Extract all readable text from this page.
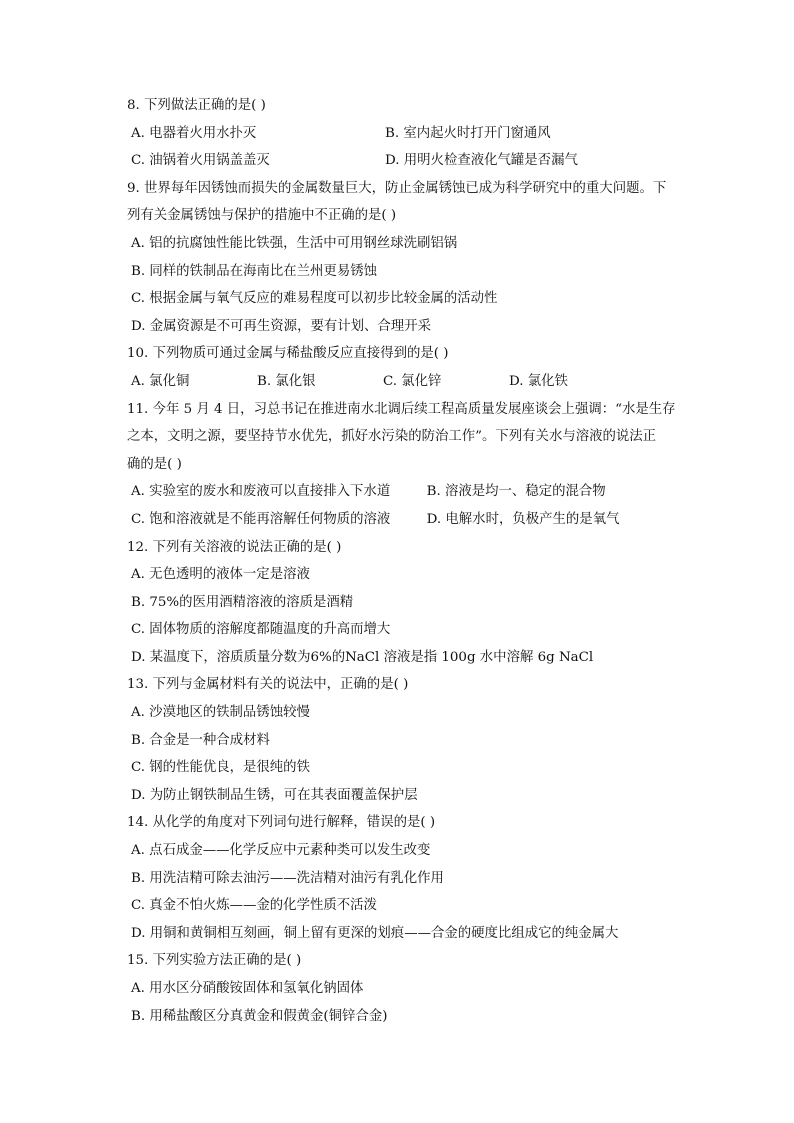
8. 下列做法正确的是( )
A. 电器着火用水扑灭	B. 室内起火时打开门窗通风
C. 油锅着火用锅盖盖灭	D. 用明火检查液化气罐是否漏气
9. 世界每年因锈蚀而损失的金属数量巨大，防止金属锈蚀已成为科学研究中的重大问题。下
列有关金属锈蚀与保护的措施中不正确的是( )
A. 铝的抗腐蚀性能比铁强，生活中可用钢丝球洗刷铝锅
B. 同样的铁制品在海南比在兰州更易锈蚀
C. 根据金属与氧气反应的难易程度可以初步比较金属的活动性
D. 金属资源是不可再生资源，要有计划、合理开采
10. 下列物质可通过金属与稀盐酸反应直接得到的是( )
A. 氯化铜	B. 氯化银	C. 氯化锌	D. 氯化铁
11. 今年 5 月 4 日，习总书记在推进南水北调后续工程高质量发展座谈会上强调：“水是生存
之本，文明之源，要坚持节水优先，抓好水污染的防治工作”。下列有关水与溶液的说法正
确的是( )
A. 实验室的废水和废液可以直接排入下水道	B. 溶液是均一、稳定的混合物
C. 饱和溶液就是不能再溶解任何物质的溶液	D. 电解水时，负极产生的是氧气
12. 下列有关溶液的说法正确的是( )
A. 无色透明的液体一定是溶液
B. 75%的医用酒精溶液的溶质是酒精
C. 固体物质的溶解度都随温度的升高而增大
D. 某温度下，溶质质量分数为6%的NaCl 溶液是指 100g 水中溶解 6g NaCl
13. 下列与金属材料有关的说法中，正确的是( )
A. 沙漠地区的铁制品锈蚀较慢
B. 合金是一种合成材料
C. 钢的性能优良，是很纯的铁
D. 为防止钢铁制品生锈，可在其表面覆盖保护层
14. 从化学的角度对下列词句进行解释，错误的是( )
A. 点石成金——化学反应中元素种类可以发生改变
B. 用洗洁精可除去油污——洗洁精对油污有乳化作用
C. 真金不怕火炼——金的化学性质不活泼
D. 用铜和黄铜相互刻画，铜上留有更深的划痕——合金的硬度比组成它的纯金属大
15. 下列实验方法正确的是( )
A. 用水区分硝酸铵固体和氢氧化钠固体
B. 用稀盐酸区分真黄金和假黄金(铜锌合金)
